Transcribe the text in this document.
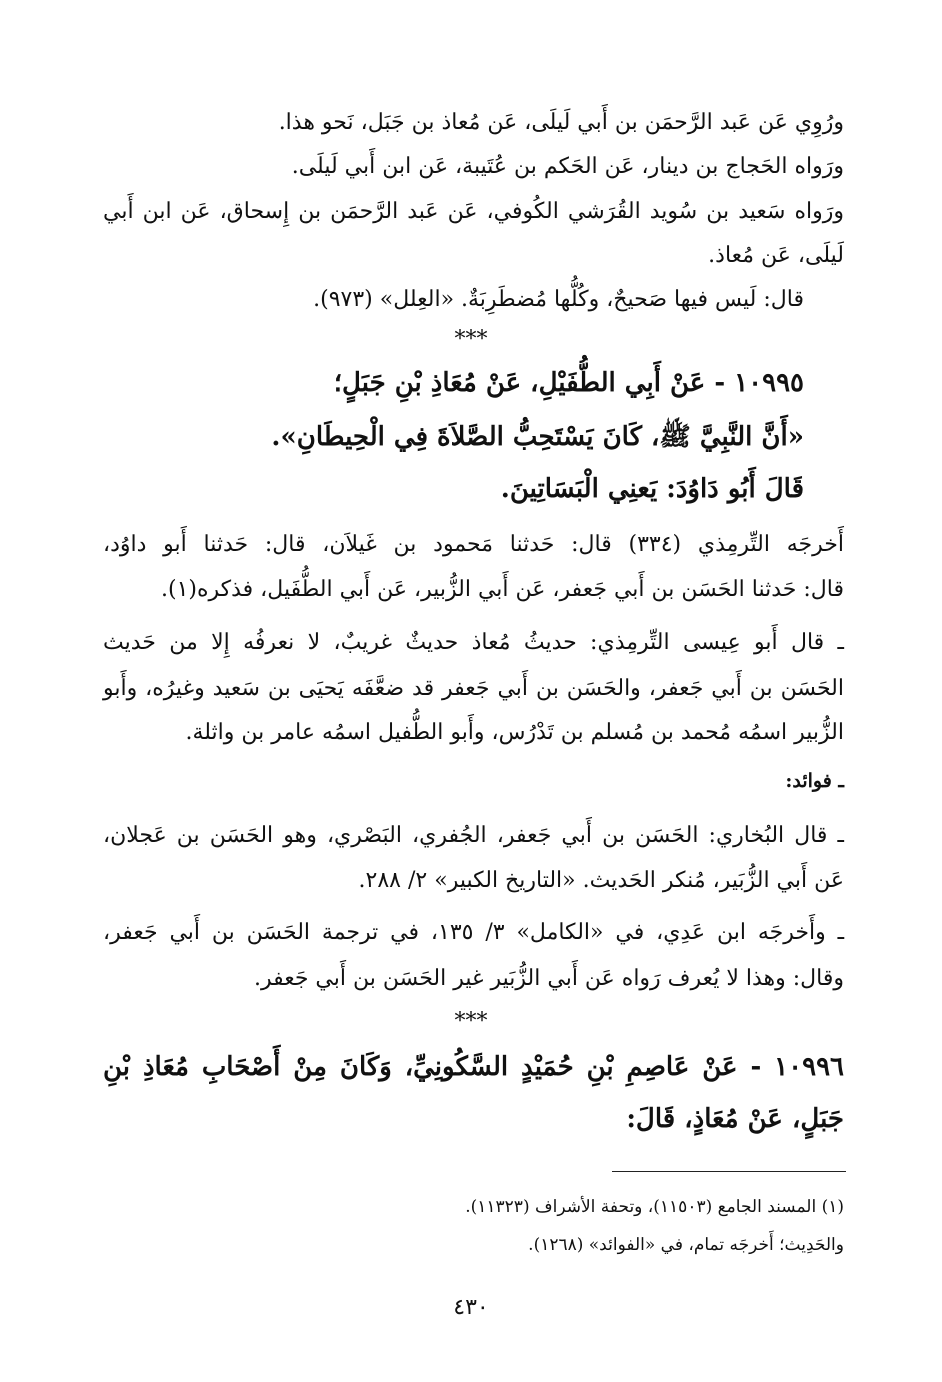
ورُوِي عَن عَبد الرَّحمَن بن أَبي لَيلَى، عَن مُعاذ بن جَبَل، نَحو هذا.
ورَواه الحَجاج بن دينار، عَن الحَكم بن عُتَيبة، عَن ابن أَبي لَيلَى.
ورَواه سَعيد بن سُويد القُرَشي الكُوفي، عَن عَبد الرَّحمَن بن إِسحاق، عَن ابن أَبي
لَيلَى، عَن مُعاذ.
قال: لَيس فيها صَحيحٌ، وكُلُّها مُضطَرِبَةٌ. «العِلل» (٩٧٣).
***
١٠٩٩٥ - عَنْ أَبِي الطُّفَيْلِ، عَنْ مُعَاذِ بْنِ جَبَلٍ؛
«أَنَّ النَّبِيَّ ﷺ، كَانَ يَسْتَحِبُّ الصَّلاَةَ فِي الْحِيطَانِ».
قَالَ أَبُو دَاوُدَ: يَعنِي الْبَسَاتِينَ.
أَخرجَه التِّرمِذي (٣٣٤) قال: حَدثنا مَحمود بن غَيلاَن، قال: حَدثنا أَبو داوُد،
قال: حَدثنا الحَسَن بن أَبي جَعفر، عَن أَبي الزُّبير، عَن أَبي الطُّفَيل، فذكره(١).
ـ قال أَبو عِيسى التِّرمِذي: حديثُ مُعاذ حديثٌ غريبٌ، لا نعرفُه إِلا من حَديث
الحَسَن بن أَبي جَعفر، والحَسَن بن أَبي جَعفر قد ضعَّفَه يَحيَى بن سَعيد وغيرُه، وأَبو
الزُّبير اسمُه مُحمد بن مُسلم بن تَدْرُس، وأَبو الطُّفيل اسمُه عامر بن واثلة.
ـ فوائد:
ـ قال البُخاري: الحَسَن بن أَبي جَعفر، الجُفري، البَصْري، وهو الحَسَن بن عَجلان،
عَن أَبي الزُّبَير، مُنكر الحَديث. «التاريخ الكبير» ٢/ ٢٨٨.
ـ وأَخرجَه ابن عَدِي، في «الكامل» ٣/ ١٣٥، في ترجمة الحَسَن بن أَبي جَعفر،
وقال: وهذا لا يُعرف رَواه عَن أَبي الزُّبَير غير الحَسَن بن أَبي جَعفر.
***
١٠٩٩٦ - عَنْ عَاصِمِ بْنِ حُمَيْدٍ السَّكُونِيِّ، وَكَانَ مِنْ أَصْحَابِ مُعَاذِ بْنِ
جَبَلٍ، عَنْ مُعَاذٍ، قَالَ:
(١) المسند الجامع (١١٥٠٣)، وتحفة الأشراف (١١٣٢٣).
والحَدِيث؛ أَخرجَه تمام، في «الفوائد» (١٢٦٨).
٤٣٠
